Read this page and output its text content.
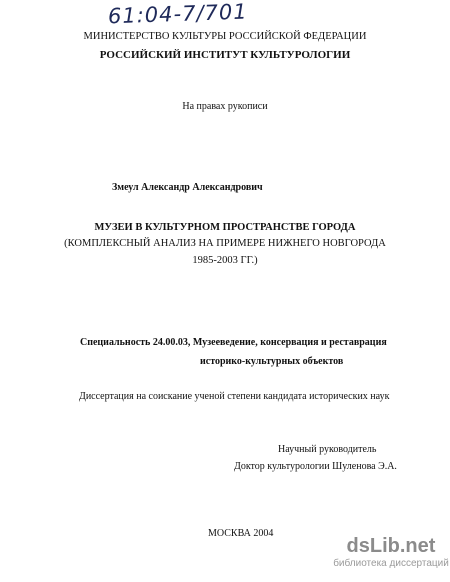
61:04-7/701
МИНИСТЕРСТВО КУЛЬТУРЫ РОССИЙСКОЙ ФЕДЕРАЦИИ
РОССИЙСКИЙ ИНСТИТУТ КУЛЬТУРОЛОГИИ
На правах рукописи
Змеул Александр Александрович
МУЗЕИ В КУЛЬТУРНОМ ПРОСТРАНСТВЕ ГОРОДА
(КОМПЛЕКСНЫЙ АНАЛИЗ НА ПРИМЕРЕ НИЖНЕГО НОВГОРОДА
1985-2003 ГГ.)
Специальность 24.00.03, Музееведение, консервация и реставрация
историко-культурных объектов
Диссертация на соискание ученой степени кандидата исторических наук
Научный руководитель
Доктор культурологии Шуленова Э.А.
МОСКВА 2004
dsLib.net
библиотека диссертаций
